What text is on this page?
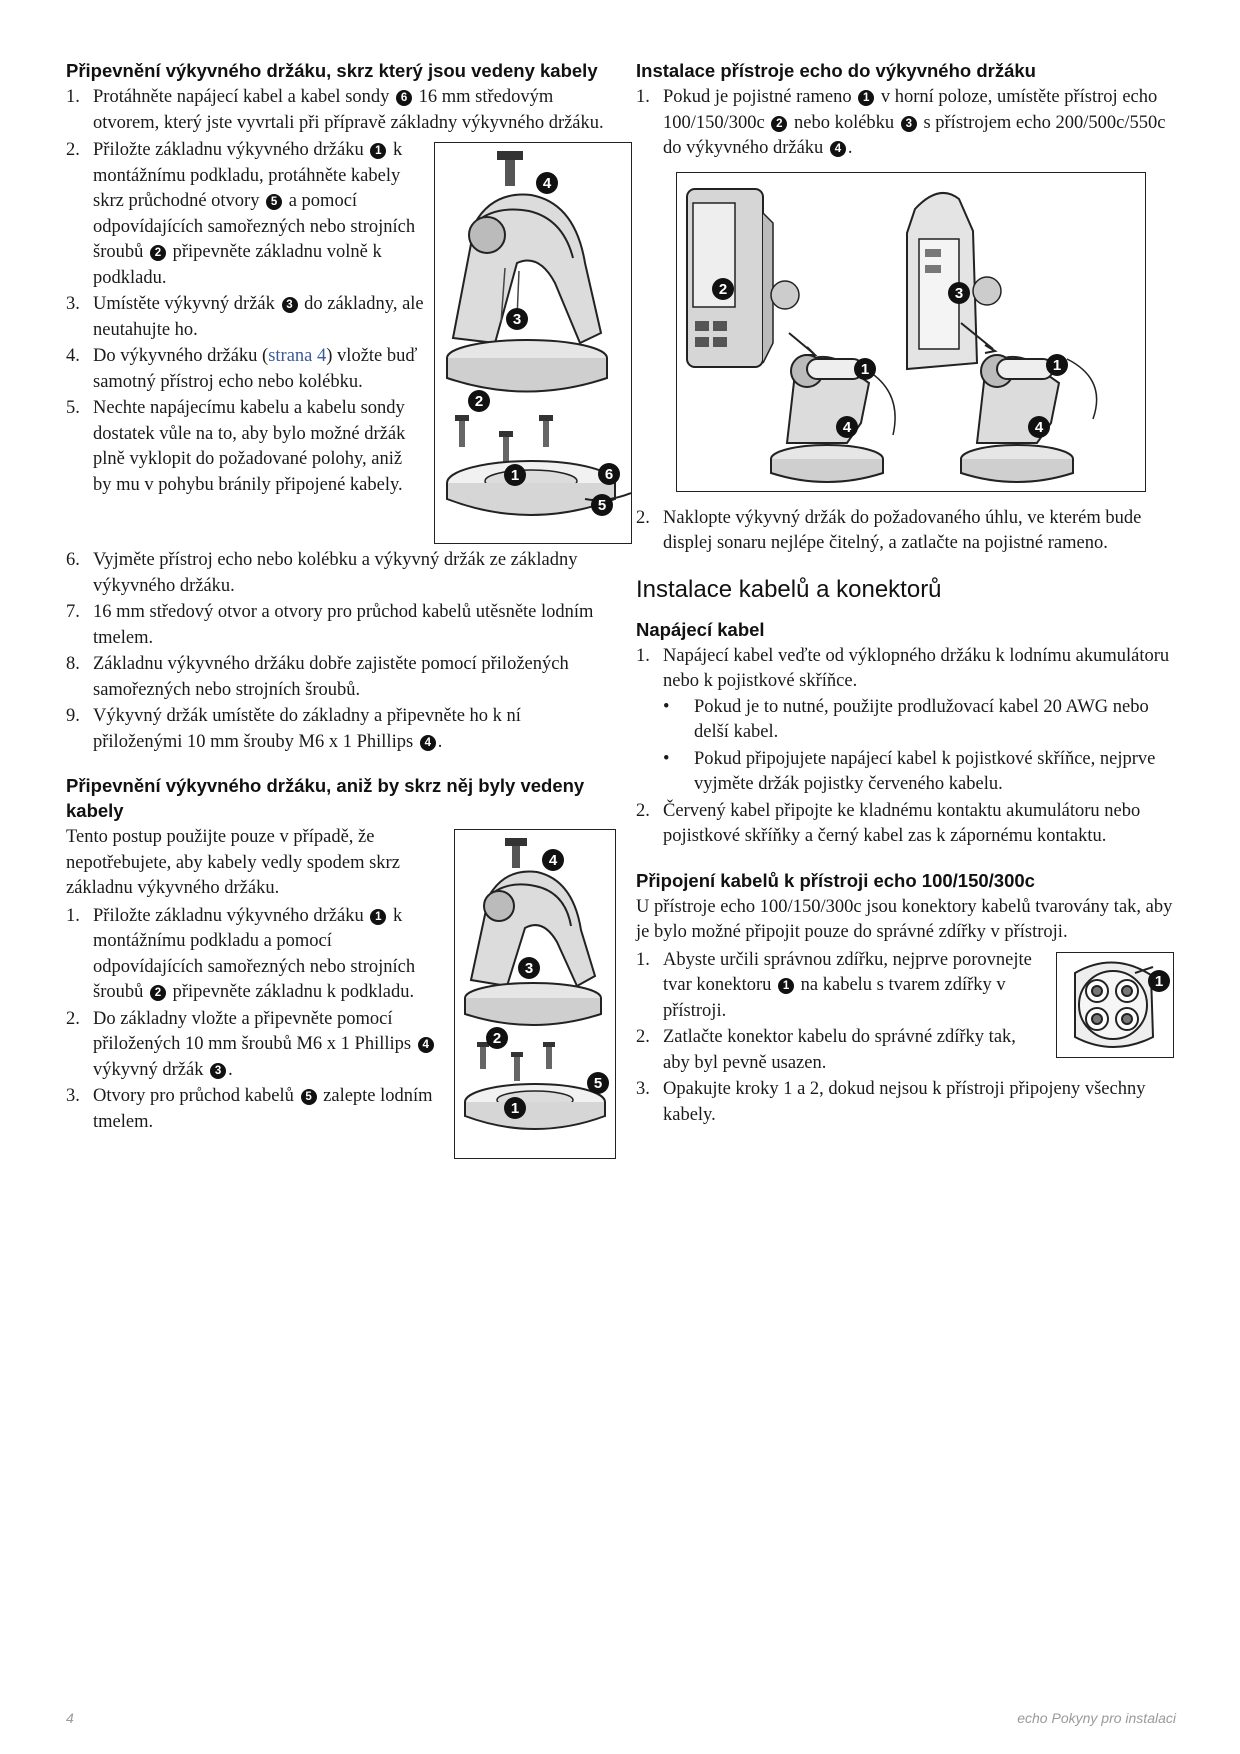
Připevnění výkyvného držáku, skrz který jsou vedeny kabely
1. Protáhněte napájecí kabel a kabel sondy 6 16 mm středovým otvorem, který jste vyvrtali při přípravě základny výkyvného držáku.
4
3
2
1	6
5
2. Přiložte základnu výkyvného držáku 1 k montážnímu podkladu, protáhněte kabely skrz průchodné otvory 5 a pomocí odpovídajících samořezných nebo strojních šroubů 2 připevněte základnu volně k podkladu.
3. Umístěte výkyvný držák 3 do základny, ale neutahujte ho.
4. Do výkyvného držáku (strana 4) vložte buď samotný přístroj echo nebo kolébku.
5. Nechte napájecímu kabelu a kabelu sondy dostatek vůle na to, aby bylo možné držák plně vyklopit do požadované polohy, aniž by mu v pohybu bránily připojené kabely.
6. Vyjměte přístroj echo nebo kolébku a výkyvný držák ze základny výkyvného držáku.
7. 16 mm středový otvor a otvory pro průchod kabelů utěsněte lodním tmelem.
8. Základnu výkyvného držáku dobře zajistěte pomocí přiložených samořezných nebo strojních šroubů.
9. Výkyvný držák umístěte do základny a připevněte ho k ní přiloženými 10 mm šrouby M6 x 1 Phillips 4 .
Připevnění výkyvného držáku, aniž by skrz něj byly vedeny kabely
4
3
2
5
1

Tento postup použijte pouze v případě, že nepotřebujete, aby kabely vedly spodem skrz základnu výkyvného držáku.

1. Přiložte základnu výkyvného držáku 1 k montážnímu podkladu a pomocí odpovídajících samořezných nebo strojních šroubů 2 připevněte základnu k podkladu.
2. Do základny vložte a připevněte pomocí přiložených 10 mm šroubů M6 x 1 Phillips 4 výkyvný držák 3 .
3. Otvory pro průchod kabelů 5 zalepte lodním tmelem.
Instalace přístroje echo do výkyvného držáku
1. Pokud je pojistné rameno 1 v horní poloze, umístěte přístroj echo 100/150/300c 2 nebo kolébku 3 s přístrojem echo 200/500c/550c do výkyvného držáku 4 .
2	3
1
4
1
4
2. Naklopte výkyvný držák do požadovaného úhlu, ve kterém bude displej sonaru nejlépe čitelný, a zatlačte na pojistné rameno.
Instalace kabelů a konektorů
Napájecí kabel
1. Napájecí kabel veďte od výklopného držáku k lodnímu akumulátoru nebo k pojistkové skříňce.
• Pokud je to nutné, použijte prodlužovací kabel 20 AWG nebo delší kabel.
• Pokud připojujete napájecí kabel k pojistkové skříňce, nejprve vyjměte držák pojistky červeného kabelu.
2. Červený kabel připojte ke kladnému kontaktu akumulátoru nebo pojistkové skříňky a černý kabel zas k zápornému kontaktu.
Připojení kabelů k přístroji echo 100/150/300c

U přístroje echo 100/150/300c jsou konektory kabelů tvarovány tak, aby je bylo možné připojit pouze do správné zdířky v přístroji.

1
1. Abyste určili správnou zdířku, nejprve porovnejte tvar konektoru 1 na kabelu s tvarem zdířky v přístroji.
2. Zatlačte konektor kabelu do správné zdířky tak, aby byl pevně usazen.
3. Opakujte kroky 1 a 2, dokud nejsou k přístroji připojeny všechny kabely.
4	echo Pokyny pro instalaci
